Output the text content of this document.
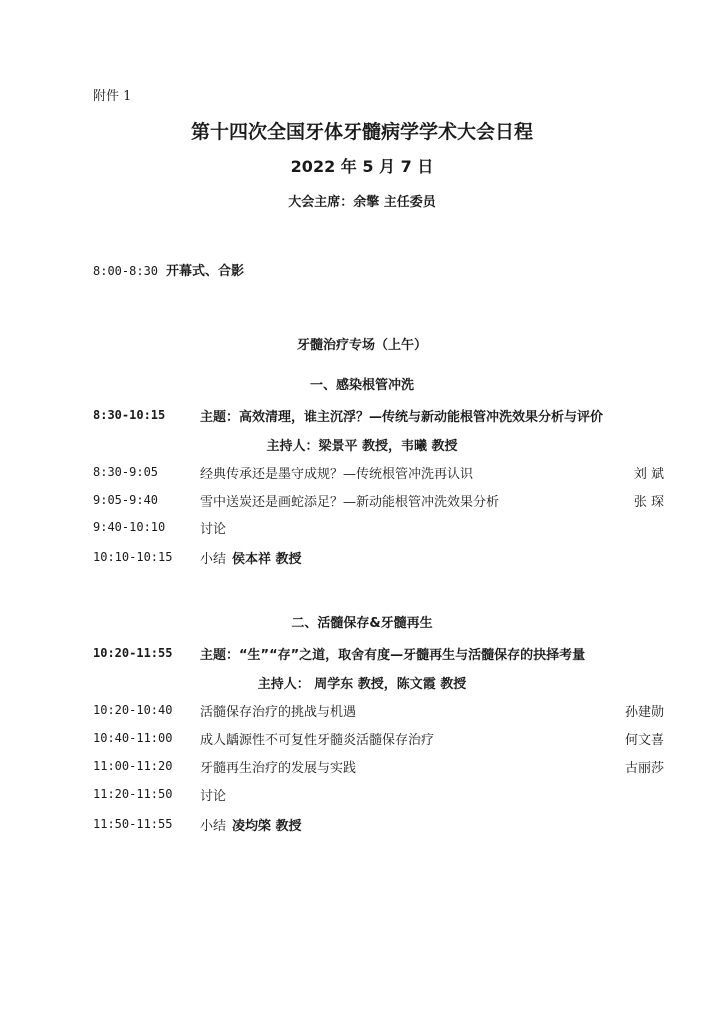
附件 1
第十四次全国牙体牙髓病学学术大会日程
2022 年 5 月 7 日
大会主席：余擎 主任委员
8:00-8:30 开幕式、合影
牙髓治疗专场（上午）
一、感染根管冲洗
8:30-10:15	主题：高效清理，谁主沉浮？—传统与新动能根管冲洗效果分析与评价
主持人：梁景平 教授，韦曦 教授
8:30-9:05	经典传承还是墨守成规？—传统根管冲洗再认识	刘 斌
9:05-9:40	雪中送炭还是画蛇添足？—新动能根管冲洗效果分析	张 琛
9:40-10:10	讨论
10:10-10:15 小结 侯本祥 教授
二、活髓保存&牙髓再生
10:20-11:55 主题：“生”“存”之道，取舍有度—牙髓再生与活髓保存的抉择考量
主持人： 周学东 教授，陈文霞 教授
10:20-10:40 活髓保存治疗的挑战与机遇	孙建勋
10:40-11:00 成人龋源性不可复性牙髓炎活髓保存治疗	何文喜
11:00-11:20 牙髓再生治疗的发展与实践	古丽莎
11:20-11:50 讨论
11:50-11:55 小结 凌均棨 教授
